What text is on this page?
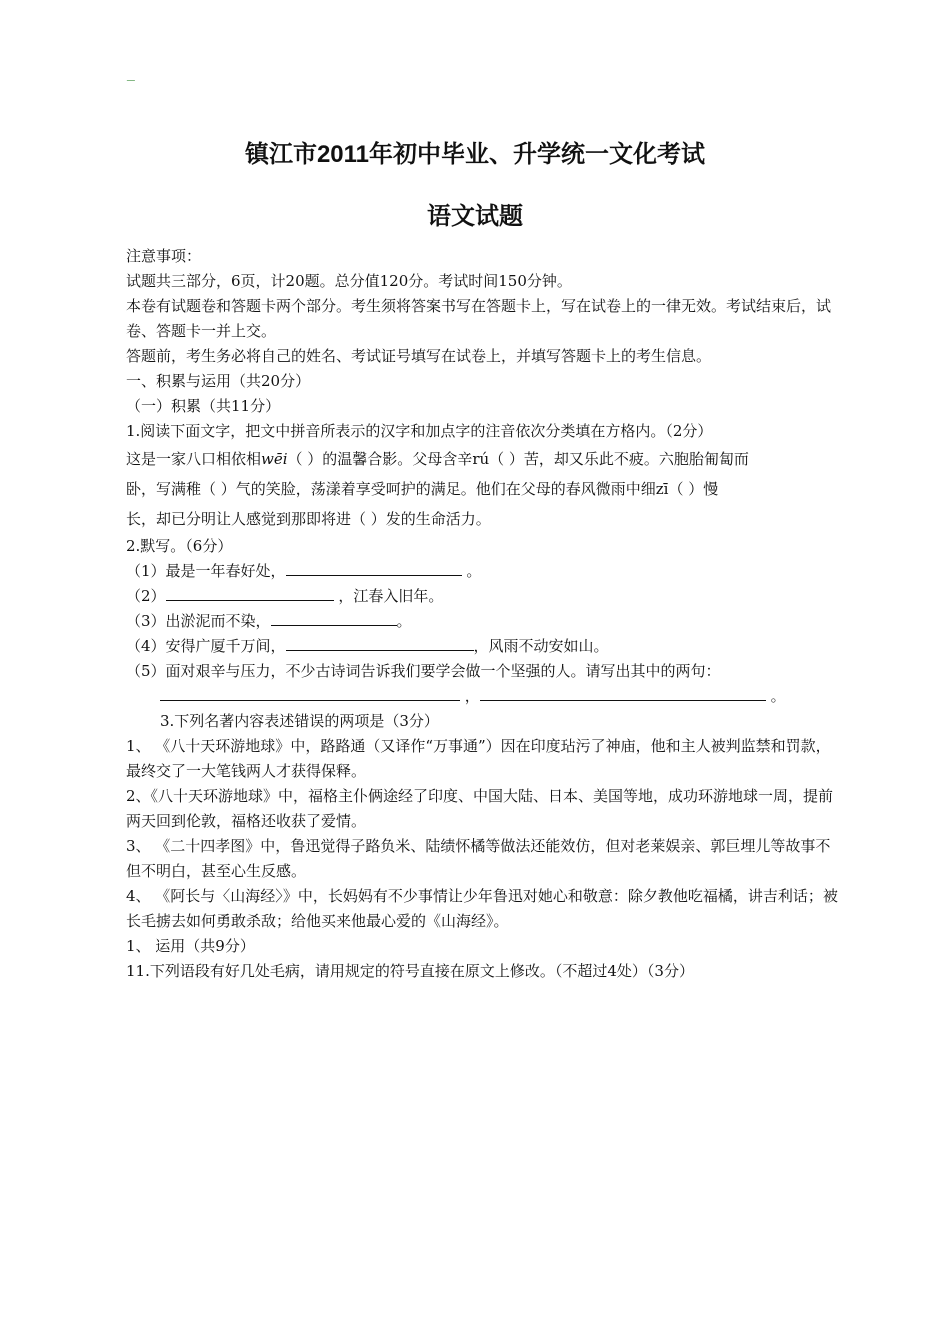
_
镇江市2011年初中毕业、升学统一文化考试
语文试题

注意事项：

试题共三部分，6页，计20题。总分值120分。考试时间150分钟。

本卷有试题卷和答题卡两个部分。考生须将答案书写在答题卡上，写在试卷上的一律无效。考试结束后，试卷、答题卡一并上交。

答题前，考生务必将自己的姓名、考试证号填写在试卷上，并填写答题卡上的考生信息。

一、积累与运用（共20分）

（一）积累（共11分）

1.阅读下面文字，把文中拼音所表示的汉字和加点字的注音依次分类填在方格内。（2分）

这是一家八口相依相wēi（ ）的温馨合影。父母含辛rú（ ）苦，却又乐此不疲。六胞胎匍匐而

卧，写满稚（ ）气的笑脸，荡漾着享受呵护的满足。他们在父母的春风微雨中细zī（ ）慢

长，却已分明让人感觉到那即将进（ ）发的生命活力。

2.默写。（6分）

（1）最是一年春好处，	。

（2）	，江春入旧年。

（3）出淤泥而不染，	。

（4）安得广厦千万间，	，风雨不动安如山。

（5）面对艰辛与压力，不少古诗词告诉我们要学会做一个坚强的人。请写出其中的两句：

，	。

3.下列名著内容表述错误的两项是（3分）

1、 《八十天环游地球》中，路路通（又译作“万事通”）因在印度玷污了神庙，他和主人被判监禁和罚款，最终交了一大笔钱两人才获得保释。

2、《八十天环游地球》中，福格主仆俩途经了印度、中国大陆、日本、美国等地，成功环游地球一周，提前两天回到伦敦，福格还收获了爱情。

3、 《二十四孝图》中，鲁迅觉得子路负米、陆绩怀橘等做法还能效仿，但对老莱娱亲、郭巨埋儿等故事不但不明白，甚至心生反感。

4、 《阿长与〈山海经〉》中，长妈妈有不少事情让少年鲁迅对她心和敬意：除夕教他吃福橘，讲吉利话；被长毛掳去如何勇敢杀敌；给他买来他最心爱的《山海经》。

1、 运用（共9分）

11.下列语段有好几处毛病，请用规定的符号直接在原文上修改。（不超过4处）（3分）
